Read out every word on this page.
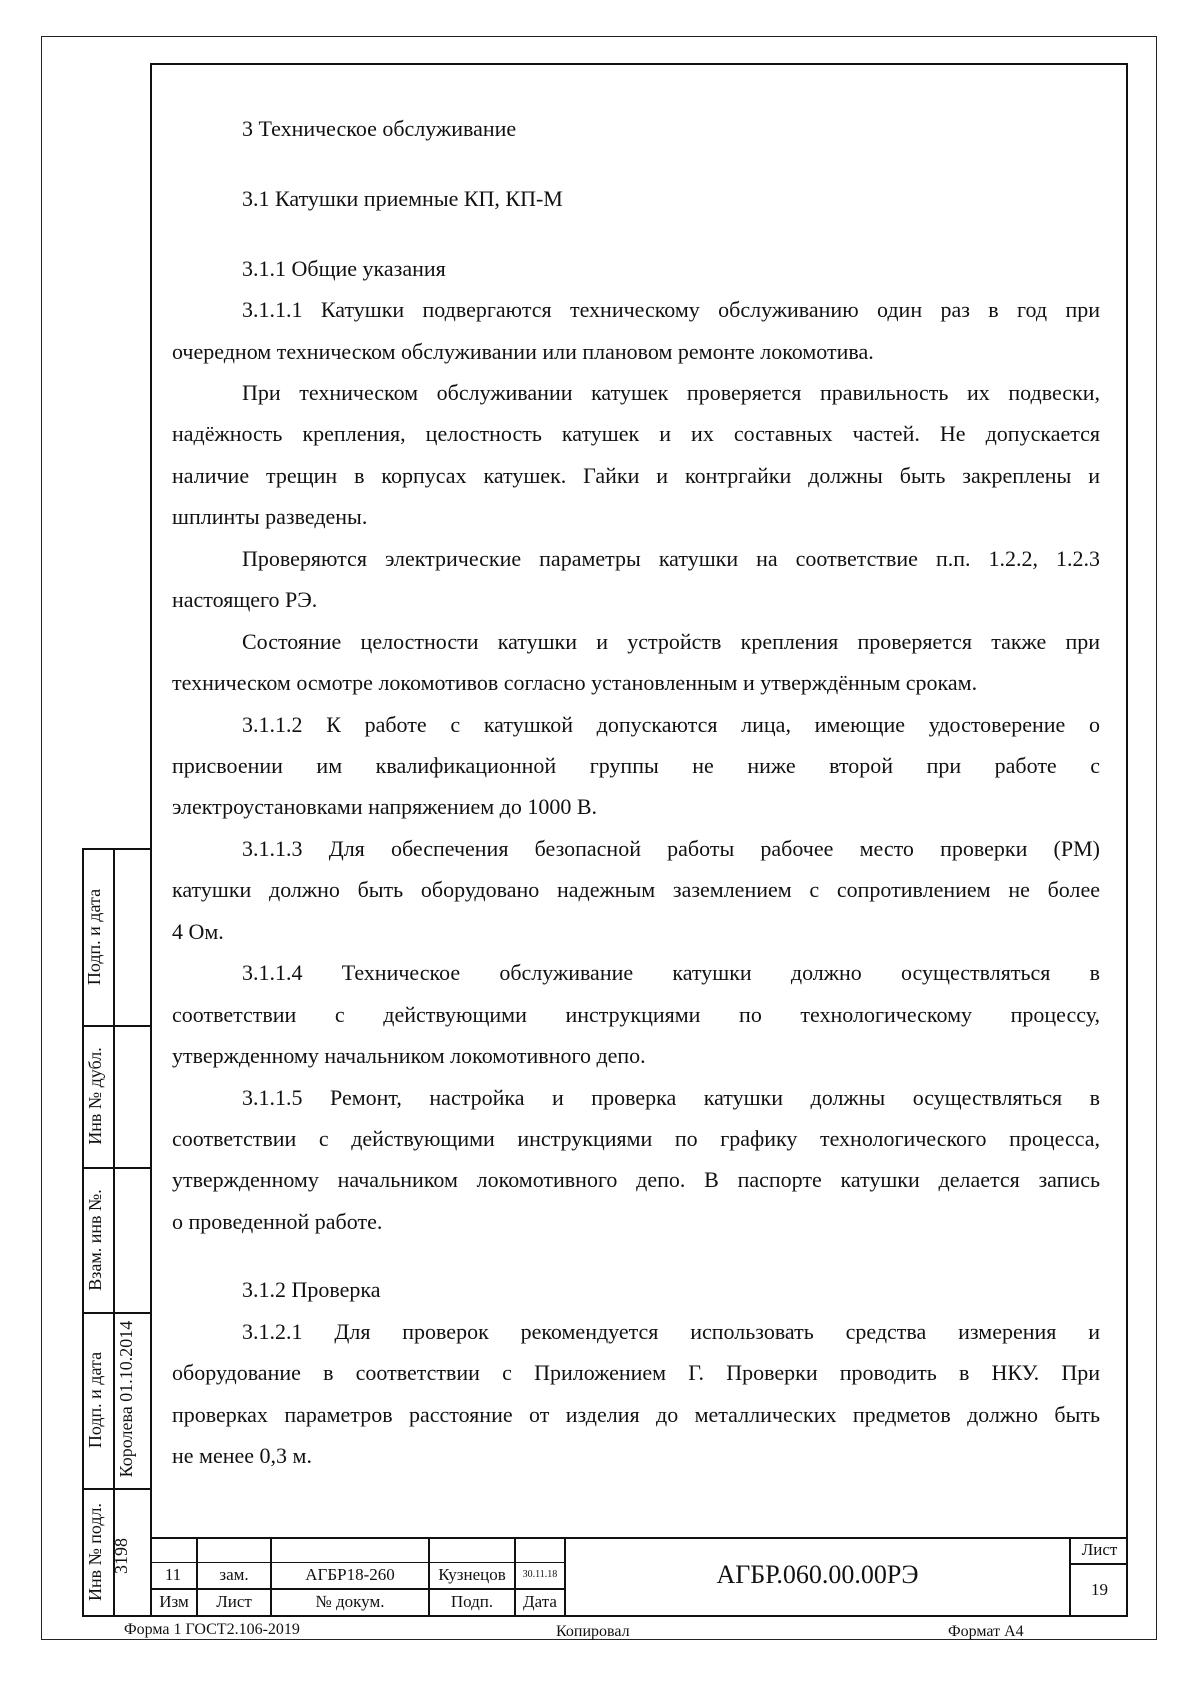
3 Техническое обслуживание
3.1 Катушки приемные КП, КП-М
3.1.1 Общие указания
3.1.1.1 Катушки подвергаются техническому обслуживанию один раз в год при
очередном техническом обслуживании или плановом ремонте локомотива.
При техническом обслуживании катушек проверяется правильность их подвески,
надёжность крепления, целостность катушек и их составных частей. Не допускается
наличие трещин в корпусах катушек. Гайки и контргайки должны быть закреплены и
шплинты разведены.
Проверяются электрические параметры катушки на соответствие п.п. 1.2.2, 1.2.3
настоящего РЭ.
Состояние целостности катушки и устройств крепления проверяется также при
техническом осмотре локомотивов согласно установленным и утверждённым срокам.
3.1.1.2 К работе с катушкой допускаются лица, имеющие удостоверение о
присвоении им квалификационной группы не ниже второй при работе с
электроустановками напряжением до 1000 В.
3.1.1.3 Для обеспечения безопасной работы рабочее место проверки (РМ)
катушки должно быть оборудовано надежным заземлением с сопротивлением не более
4 Ом.
3.1.1.4 Техническое обслуживание катушки должно осуществляться в
соответствии с действующими инструкциями по технологическому процессу,
утвержденному начальником локомотивного депо.
3.1.1.5 Ремонт, настройка и проверка катушки должны осуществляться в
соответствии с действующими инструкциями по графику технологического процесса,
утвержденному начальником локомотивного депо. В паспорте катушки делается запись
о проведенной работе.
3.1.2 Проверка
3.1.2.1 Для проверок рекомендуется использовать средства измерения и
оборудование в соответствии с Приложением Г. Проверки проводить в НКУ. При
проверках параметров расстояние от изделия до металлических предметов должно быть
не менее 0,3 м.
Подп. и дата
Инв № дубл.
Взам. инв №.
Подп. и дата Королева 01.10.2014
Инв № подл. 3198
11	зам.	АГБР18-260	Кузнецов	30.11.18
Изм	Лист	№ докум.	Подп.	Дата
АГБР.060.00.00РЭ
Лист
19
Форма 1 ГОСТ2.106-2019	Копировал	Формат А4
